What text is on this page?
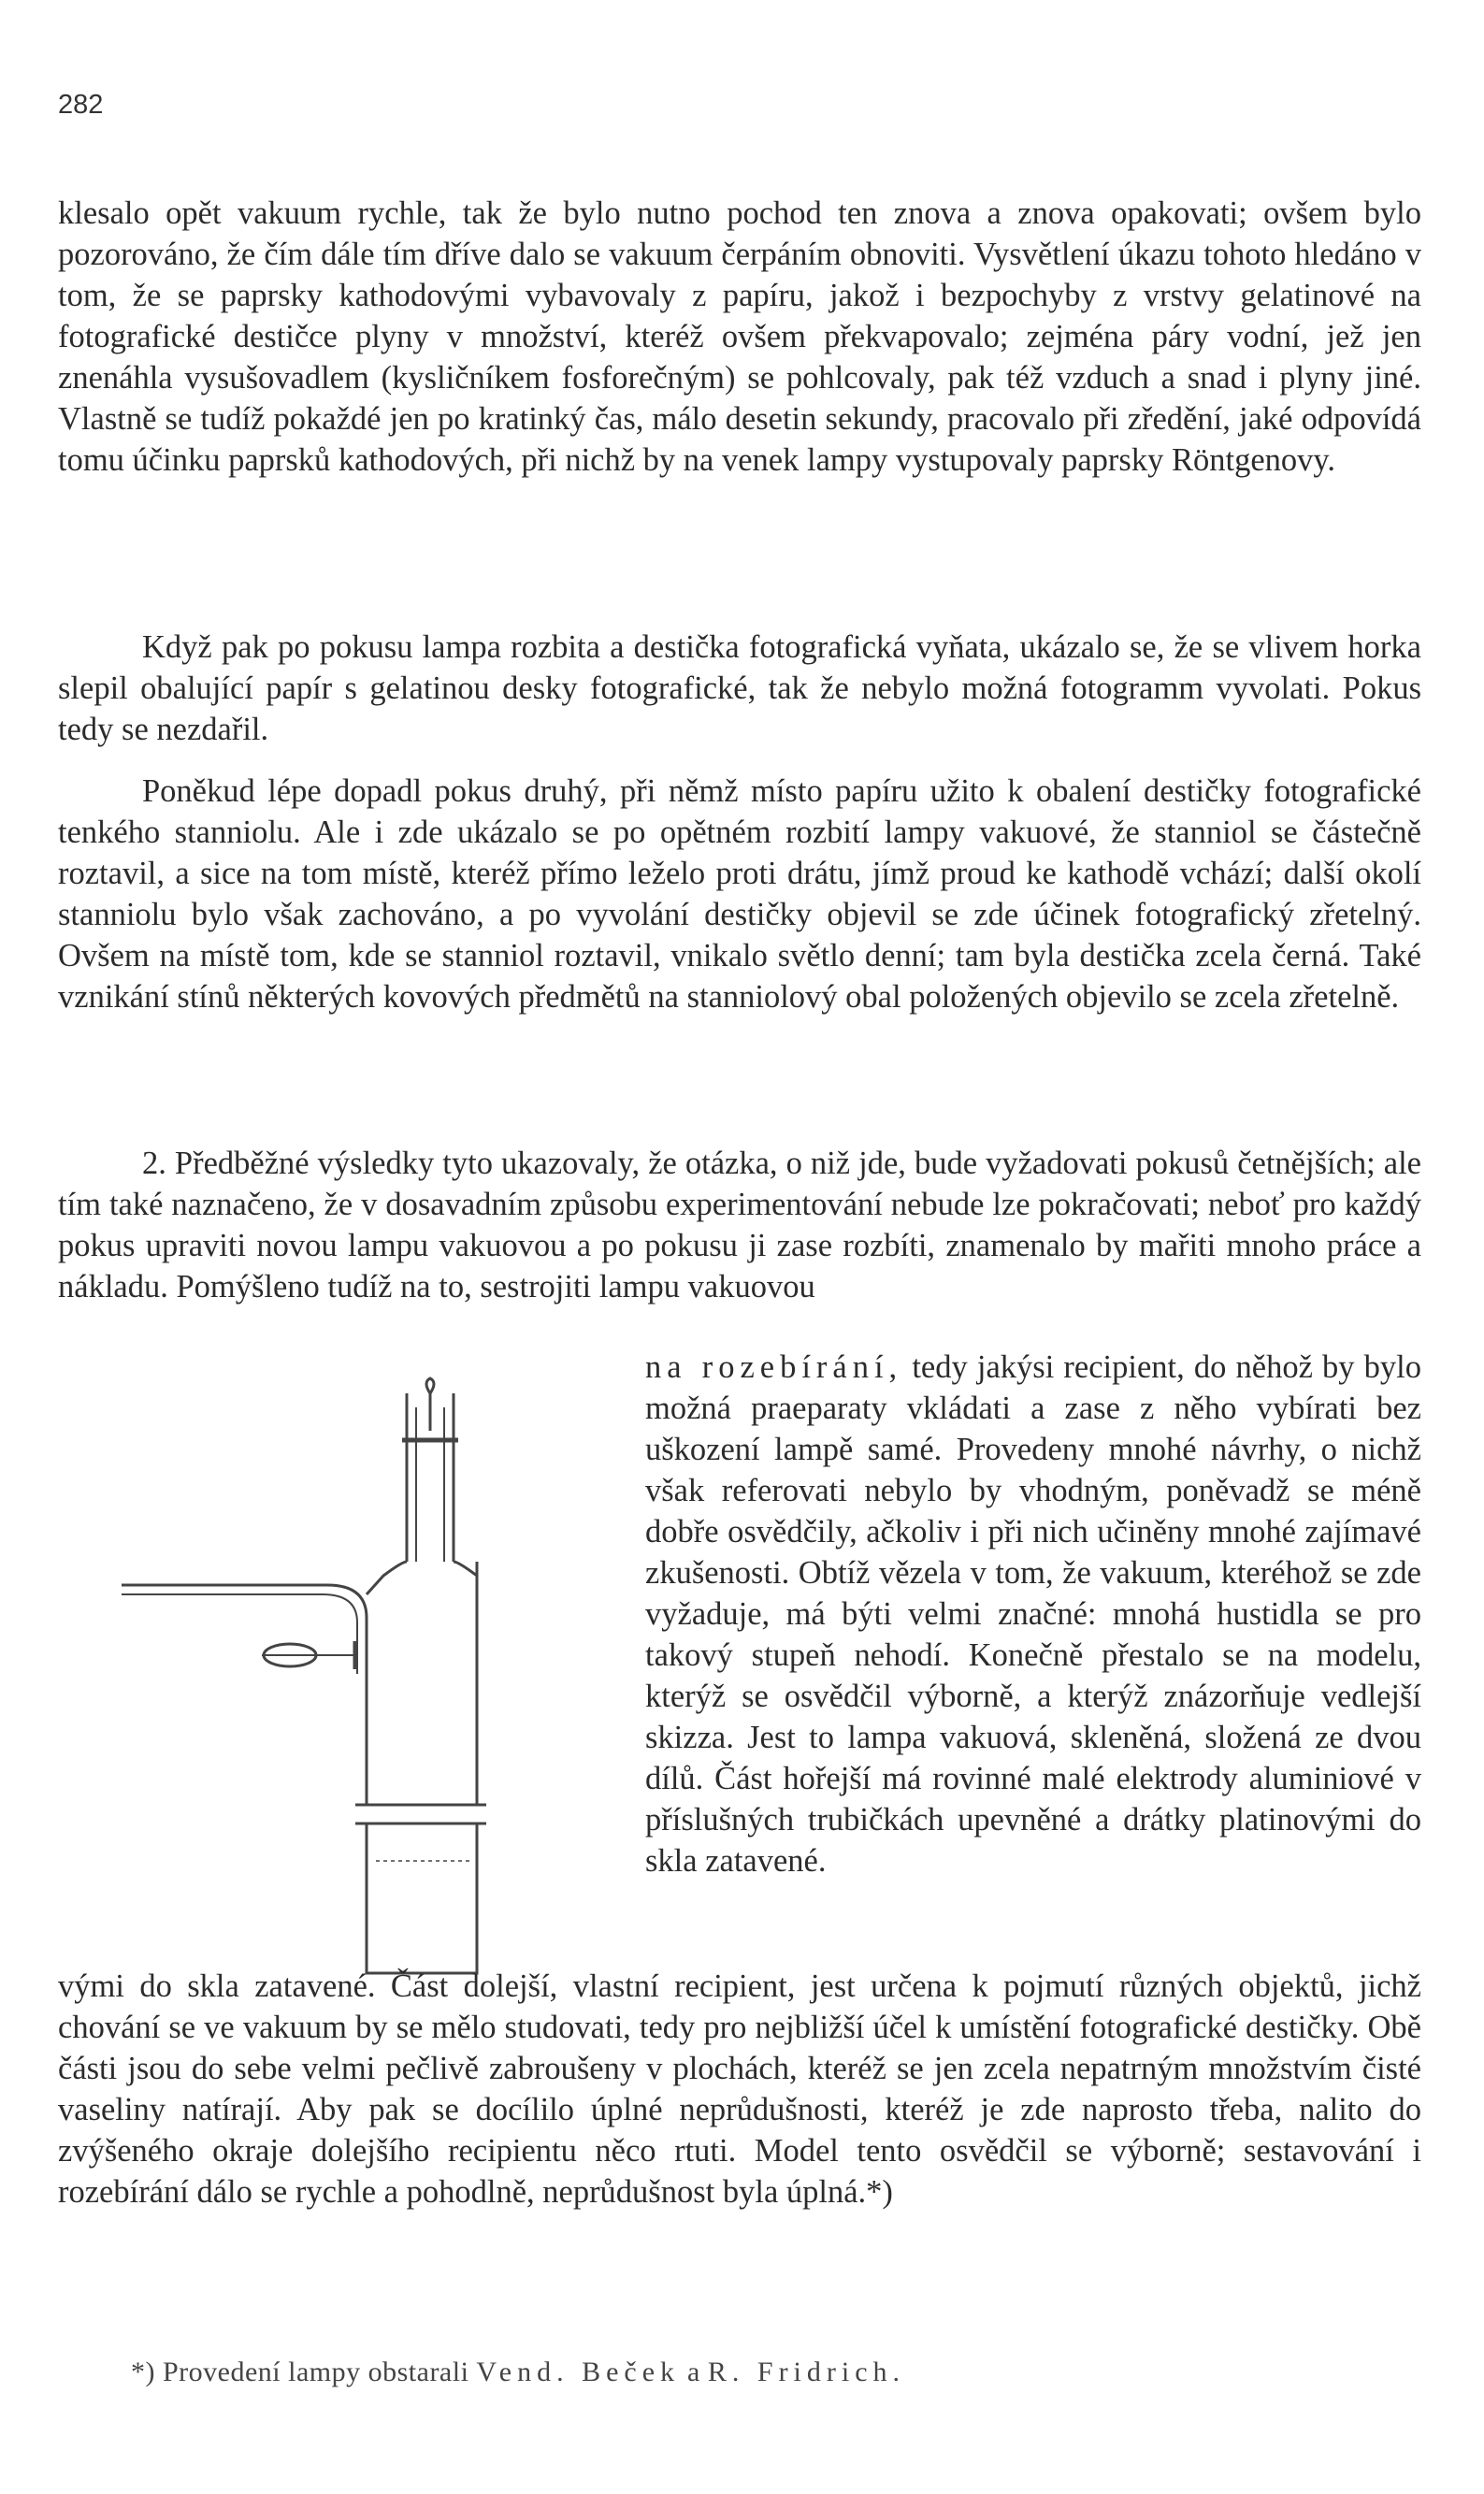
282

klesalo opět vakuum rychle, tak že bylo nutno pochod ten znova a znova opakovati; ovšem bylo pozorováno, že čím dále tím dříve dalo se vakuum čerpáním obnoviti. Vysvětlení úkazu tohoto hledáno v tom, že se paprsky kathodovými vybavovaly z papíru, jakož i bezpochyby z vrstvy gelatinové na fotografické destičce plyny v množství, kteréž ovšem překvapovalo; zejména páry vodní, jež jen znenáhla vysušovadlem (kysličníkem fosforečným) se pohlcovaly, pak též vzduch a snad i plyny jiné. Vlastně se tudíž pokaždé jen po kratinký čas, málo desetin sekundy, pracovalo při zředění, jaké odpovídá tomu účinku paprsků kathodových, při nichž by na venek lampy vystupovaly paprsky Röntgenovy.

Když pak po pokusu lampa rozbita a destička fotografická vyňata, ukázalo se, že se vlivem horka slepil obalující papír s gelatinou desky fotografické, tak že nebylo možná fotogramm vyvolati. Pokus tedy se nezdařil.

Poněkud lépe dopadl pokus druhý, při němž místo papíru užito k obalení destičky fotografické tenkého stanniolu. Ale i zde ukázalo se po opětném rozbití lampy vakuové, že stanniol se částečně roztavil, a sice na tom místě, kteréž přímo leželo proti drátu, jímž proud ke kathodě vchází; další okolí stanniolu bylo však zachováno, a po vyvolání destičky objevil se zde účinek fotografický zřetelný. Ovšem na místě tom, kde se stanniol roztavil, vnikalo světlo denní; tam byla destička zcela černá. Také vznikání stínů některých kovových předmětů na stanniolový obal položených objevilo se zcela zřetelně.

2. Předběžné výsledky tyto ukazovaly, že otázka, o niž jde, bude vyžadovati pokusů četnějších; ale tím také naznačeno, že v dosavadním způsobu experimentování nebude lze pokračovati; neboť pro každý pokus upraviti novou lampu vakuovou a po pokusu ji zase rozbíti, znamenalo by mařiti mnoho práce a nákladu. Pomýšleno tudíž na to, sestrojiti lampu vakuovou

na rozebírání, tedy jakýsi recipient, do něhož by bylo možná praeparaty vkládati a zase z něho vybírati bez uškození lampě samé. Provedeny mnohé návrhy, o nichž však referovati nebylo by vhodným, poněvadž se méně dobře osvědčily, ačkoliv i při nich učiněny mnohé zajímavé zkušenosti. Obtíž vězela v tom, že vakuum, kteréhož se zde vyžaduje, má býti velmi značné: mnohá hustidla se pro takový stupeň nehodí. Konečně přestalo se na modelu, kterýž se osvědčil výborně, a kterýž znázorňuje vedlejší skizza. Jest to lampa vakuová, skleněná, složená ze dvou dílů. Část hořejší má rovinné malé elektrody aluminiové v příslušných trubičkách upevněné a drátky platinovými do skla zatavené.

vými do skla zatavené. Část dolejší, vlastní recipient, jest určena k pojmutí různých objektů, jichž chování se ve vakuum by se mělo studovati, tedy pro nejbližší účel k umístění fotografické destičky. Obě části jsou do sebe velmi pečlivě zabroušeny v plochách, kteréž se jen zcela nepatrným množstvím čisté vaseliny natírají. Aby pak se docílilo úplné neprůdušnosti, kteréž je zde naprosto třeba, nalito do zvýšeného okraje dolejšího recipientu něco rtuti. Model tento osvědčil se výborně; sestavování i rozebírání dálo se rychle a pohodlně, neprůdušnost byla úplná.*)

*) Provedení lampy obstarali Vend. Beček a R. Fridrich.
